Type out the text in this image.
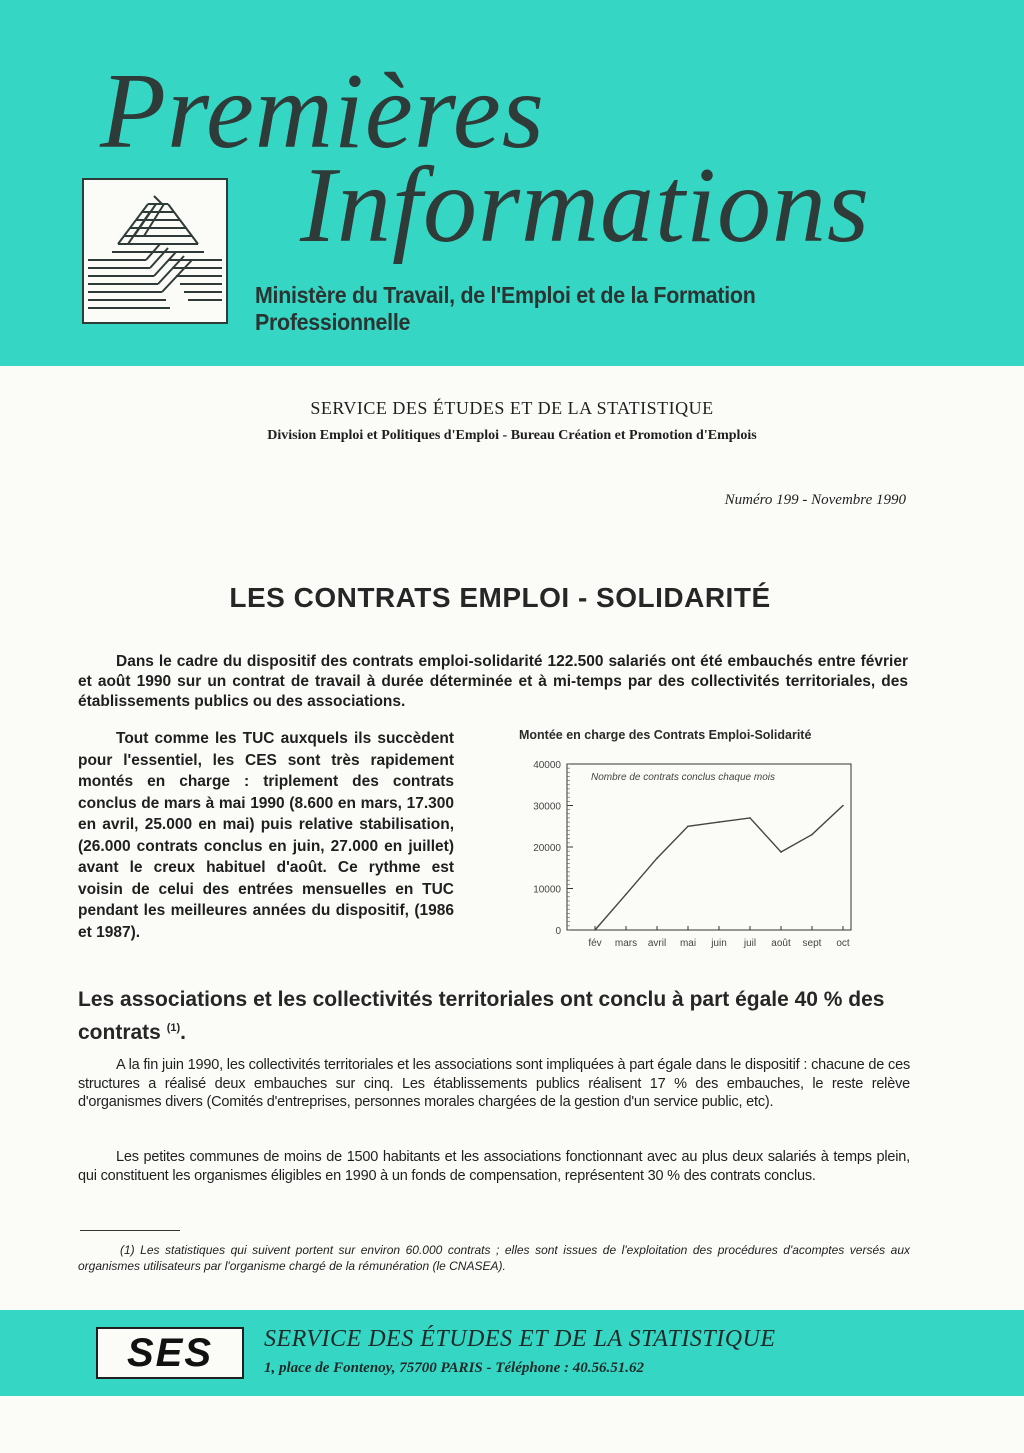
Premières
Informations
Ministère du Travail, de l'Emploi et de la Formation Professionnelle
SERVICE DES ÉTUDES ET DE LA STATISTIQUE
Division Emploi et Politiques d'Emploi - Bureau Création et Promotion d'Emplois
Numéro 199 - Novembre 1990
LES CONTRATS EMPLOI - SOLIDARITÉ

Dans le cadre du dispositif des contrats emploi-solidarité 122.500 salariés ont été embauchés entre février et août 1990 sur un contrat de travail à durée déterminée et à mi-temps par des collectivités territoriales, des établissements publics ou des associations.

Tout comme les TUC auxquels ils succèdent pour l'essentiel, les CES sont très rapidement montés en charge : triplement des contrats conclus de mars à mai 1990 (8.600 en mars, 17.300 en avril, 25.000 en mai) puis relative stabilisation, (26.000 contrats conclus en juin, 27.000 en juillet) avant le creux habituel d'août. Ce rythme est voisin de celui des entrées mensuelles en TUC pendant les meilleures années du dispositif, (1986 et 1987).

Montée en charge des Contrats Emploi-Solidarité
0
10000
20000
30000
40000
fév mars avril mai juin juil août sept oct
Nombre de contrats conclus chaque mois
Les associations et les collectivités territoriales ont conclu à part égale 40 % des contrats $^{(1)}$.

A la fin juin 1990, les collectivités territoriales et les associations sont impliquées à part égale dans le dispositif : chacune de ces structures a réalisé deux embauches sur cinq. Les établissements publics réalisent 17 % des embauches, le reste relève d'organismes divers (Comités d'entreprises, personnes morales chargées de la gestion d'un service public, etc).

Les petites communes de moins de 1500 habitants et les associations fonctionnant avec au plus deux salariés à temps plein, qui constituent les organismes éligibles en 1990 à un fonds de compensation, représentent 30 % des contrats conclus.

(1) Les statistiques qui suivent portent sur environ 60.000 contrats ; elles sont issues de l'exploitation des procédures d'acomptes versés aux organismes utilisateurs par l'organisme chargé de la rémunération (le CNASEA).

SES	SERVICE DES ÉTUDES ET DE LA STATISTIQUE
1, place de Fontenoy, 75700 PARIS - Téléphone : 40.56.51.62
